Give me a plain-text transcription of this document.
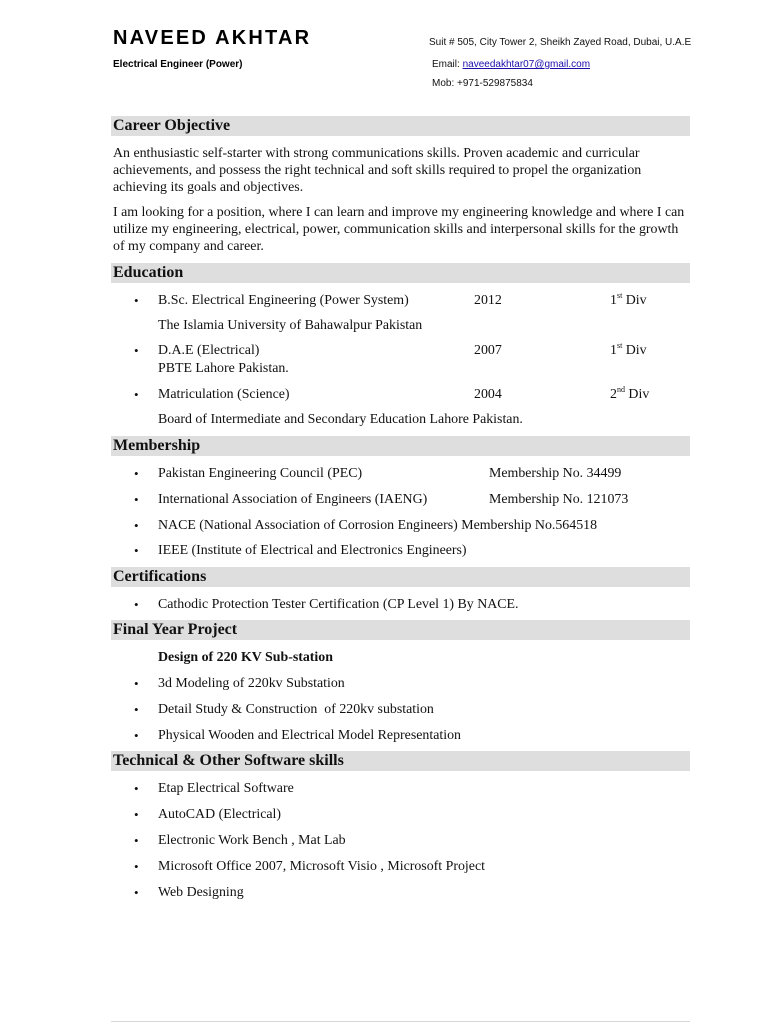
NAVEED AKHTAR
Electrical Engineer (Power)
Suit # 505, City Tower 2, Sheikh Zayed Road, Dubai, U.A.E
Email: naveedakhtar07@gmail.com
Mob: +971-529875834
Career Objective

An enthusiastic self-starter with strong communications skills. Proven academic and curricular achievements, and possess the right technical and soft skills required to propel the organization achieving its goals and objectives.

I am looking for a position, where I can learn and improve my engineering knowledge and where I can utilize my engineering, electrical, power, communication skills and interpersonal skills for the growth of my company and career.

Education
• B.Sc. Electrical Engineering (Power System)	2012	1st Div
The Islamia University of Bahawalpur Pakistan
• D.A.E (Electrical)	2007	1st Div
PBTE Lahore Pakistan.
• Matriculation (Science)	2004	2nd Div
Board of Intermediate and Secondary Education Lahore Pakistan.
Membership
• Pakistan Engineering Council (PEC)	Membership No. 34499
• International Association of Engineers (IAENG)	Membership No. 121073
• NACE (National Association of Corrosion Engineers) Membership No.564518
• IEEE (Institute of Electrical and Electronics Engineers)
Certifications
• Cathodic Protection Tester Certification (CP Level 1) By NACE.
Final Year Project
Design of 220 KV Sub-station
• 3d Modeling of 220kv Substation
• Detail Study & Construction  of 220kv substation
• Physical Wooden and Electrical Model Representation
Technical & Other Software skills
• Etap Electrical Software
• AutoCAD (Electrical)
• Electronic Work Bench , Mat Lab
• Microsoft Office 2007, Microsoft Visio , Microsoft Project
• Web Designing
